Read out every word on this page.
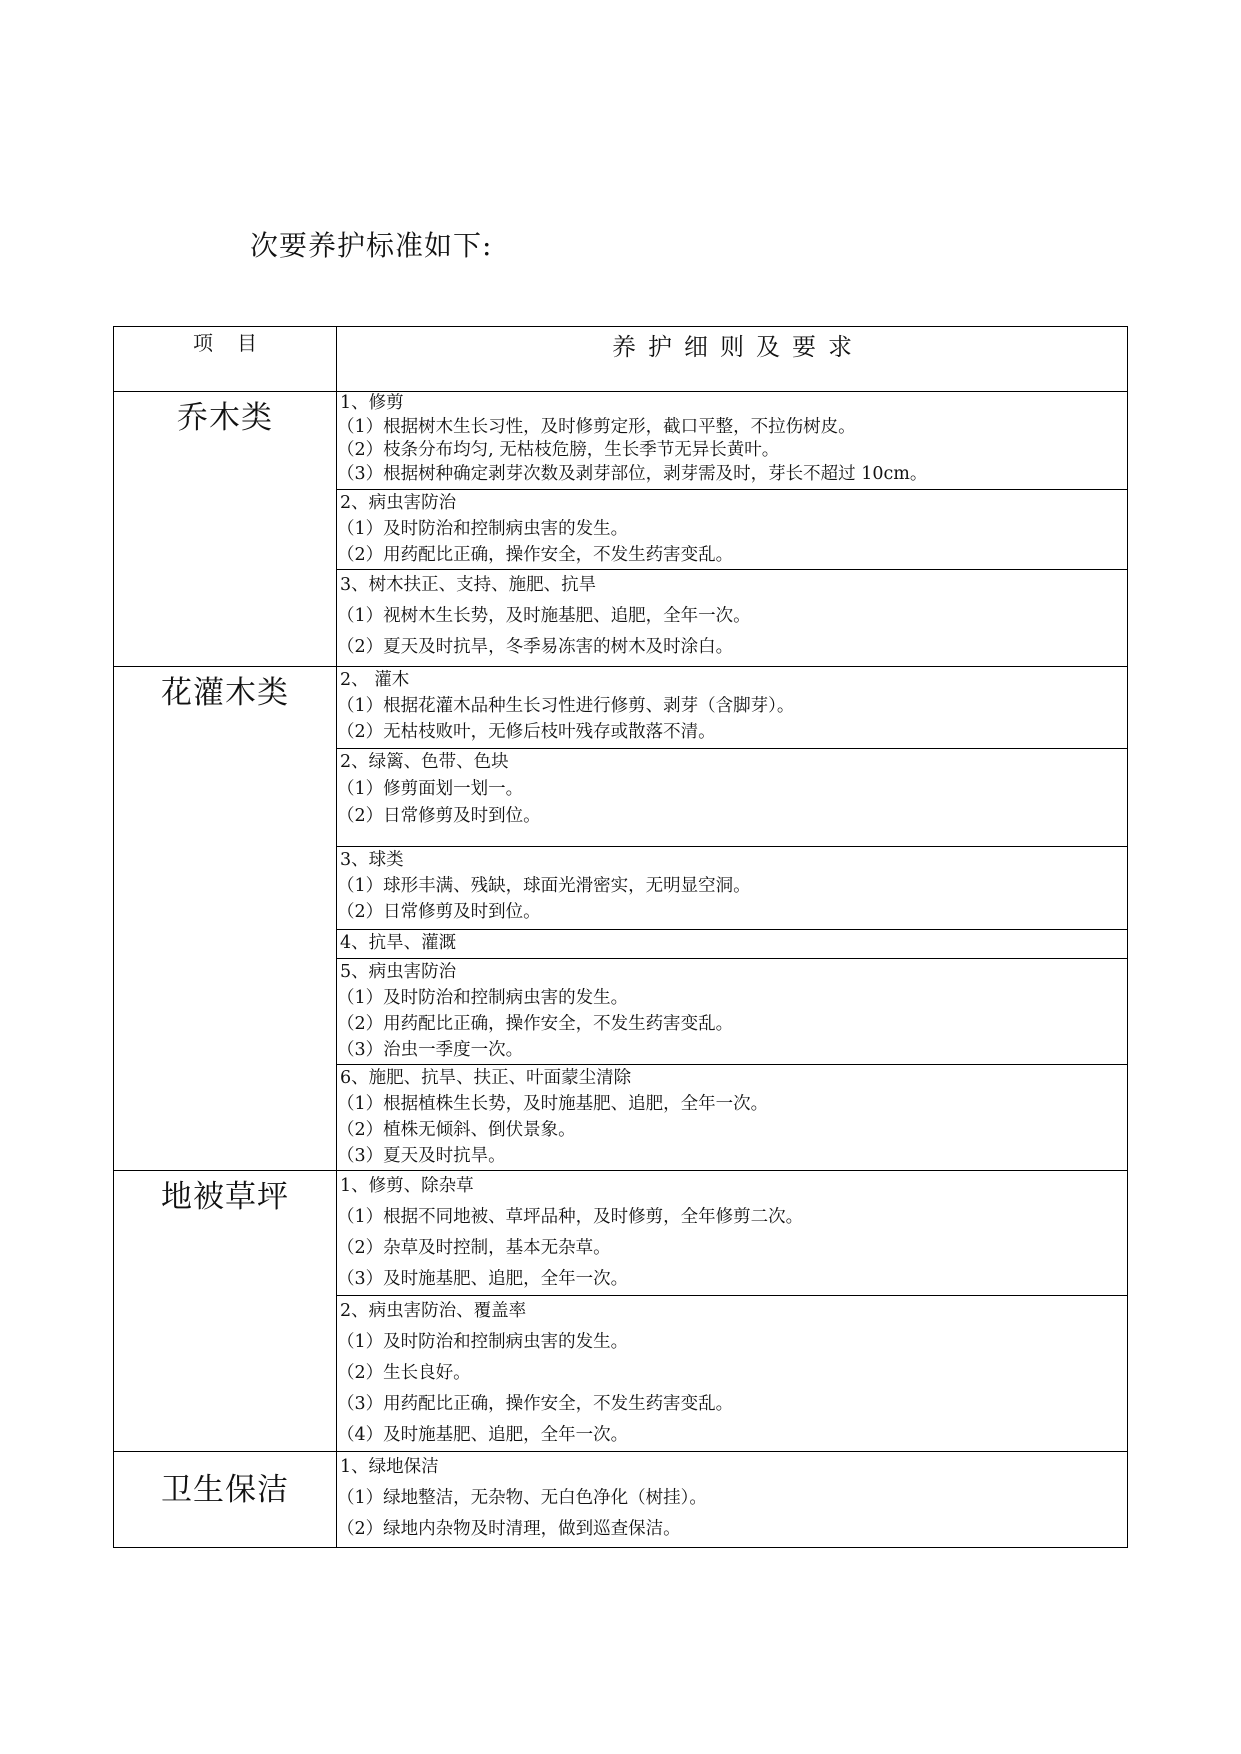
次要养护标准如下:
项目	养护细则及要求
乔木类	1、修剪
（1）根据树木生长习性，及时修剪定形，截口平整，不拉伤树皮。
（2）枝条分布均匀, 无枯枝危膀，生长季节无异长黄叶。
（3）根据树种确定剥芽次数及剥芽部位，剥芽需及时，芽长不超过 10cm。

	2、病虫害防治
（1）及时防治和控制病虫害的发生。
（2）用药配比正确，操作安全，不发生药害变乱。

	3、树木扶正、支持、施肥、抗旱
（1）视树木生长势，及时施基肥、追肥，全年一次。
（2）夏天及时抗旱，冬季易冻害的树木及时涂白。

花灌木类	2、 灌木
（1）根据花灌木品种生长习性进行修剪、剥芽（含脚芽）。
（2）无枯枝败叶，无修后枝叶残存或散落不清。

	2、绿篱、色带、色块
（1）修剪面划一划一。
（2）日常修剪及时到位。

	3、球类
（1）球形丰满、残缺，球面光滑密实，无明显空洞。
（2）日常修剪及时到位。

	4、抗旱、灌溉

	5、病虫害防治
（1）及时防治和控制病虫害的发生。
（2）用药配比正确，操作安全，不发生药害变乱。
（3）治虫一季度一次。

	6、施肥、抗旱、扶正、叶面蒙尘清除
（1）根据植株生长势，及时施基肥、追肥，全年一次。
（2）植株无倾斜、倒伏景象。
（3）夏天及时抗旱。

地被草坪	1、修剪、除杂草
（1）根据不同地被、草坪品种，及时修剪，全年修剪二次。
（2）杂草及时控制，基本无杂草。
（3）及时施基肥、追肥，全年一次。

	2、病虫害防治、覆盖率
（1）及时防治和控制病虫害的发生。
（2）生长良好。
（3）用药配比正确，操作安全，不发生药害变乱。
（4）及时施基肥、追肥，全年一次。

卫生保洁	1、绿地保洁
（1）绿地整洁，无杂物、无白色净化（树挂）。
（2）绿地内杂物及时清理，做到巡查保洁。
